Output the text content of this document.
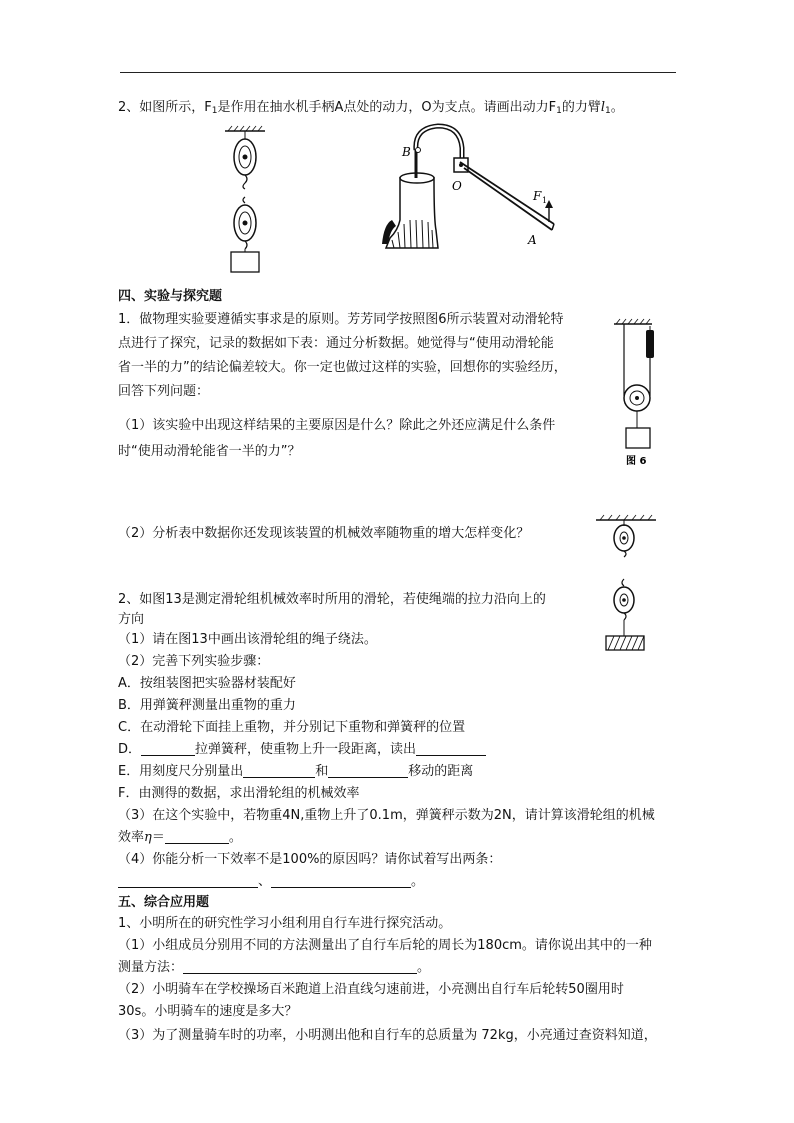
2、如图所示，$F_1$是作用在抽水机手柄A点处的动力，O为支点。请画出动力$F_1$的力臂$l_1$。
B
O
F 1
A
四、实验与探究题
1．做物理实验要遵循实事求是的原则。芳芳同学按照图6所示装置对动滑轮特
点进行了探究，记录的数据如下表：通过分析数据。她觉得与“使用动滑轮能
省一半的力”的结论偏差较大。你一定也做过这样的实验，回想你的实验经历，
回答下列问题：
（1）该实验中出现这样结果的主要原因是什么？除此之外还应满足什么条件
时“使用动滑轮能省一半的力”？
（2）分析表中数据你还发现该装置的机械效率随物重的增大怎样变化？
图 6
2、如图13是测定滑轮组机械效率时所用的滑轮，若使绳端的拉力沿向上的
方向
（1）请在图13中画出该滑轮组的绳子绕法。
（2）完善下列实验步骤：
A．按组装图把实验器材装配好
B．用弹簧秤测量出重物的重力
C．在动滑轮下面挂上重物，并分别记下重物和弹簧秤的位置
D．	拉弹簧秤，使重物上升一段距离，读出
E．用刻度尺分别量出	和	移动的距离
F．由测得的数据，求出滑轮组的机械效率
（3）在这个实验中，若物重4N,重物上升了0.1m，弹簧秤示数为2N，请计算该滑轮组的机械
效率η＝	。
（4）你能分析一下效率不是100%的原因吗？请你试着写出两条：
、	。
五、综合应用题
1、小明所在的研究性学习小组利用自行车进行探究活动。
（1）小组成员分别用不同的方法测量出了自行车后轮的周长为180cm。请你说出其中的一种
测量方法：	。
（2）小明骑车在学校操场百米跑道上沿直线匀速前进，小亮测出自行车后轮转50圈用时
30s。小明骑车的速度是多大？
（3）为了测量骑车时的功率，小明测出他和自行车的总质量为 72kg，小亮通过查资料知道，
